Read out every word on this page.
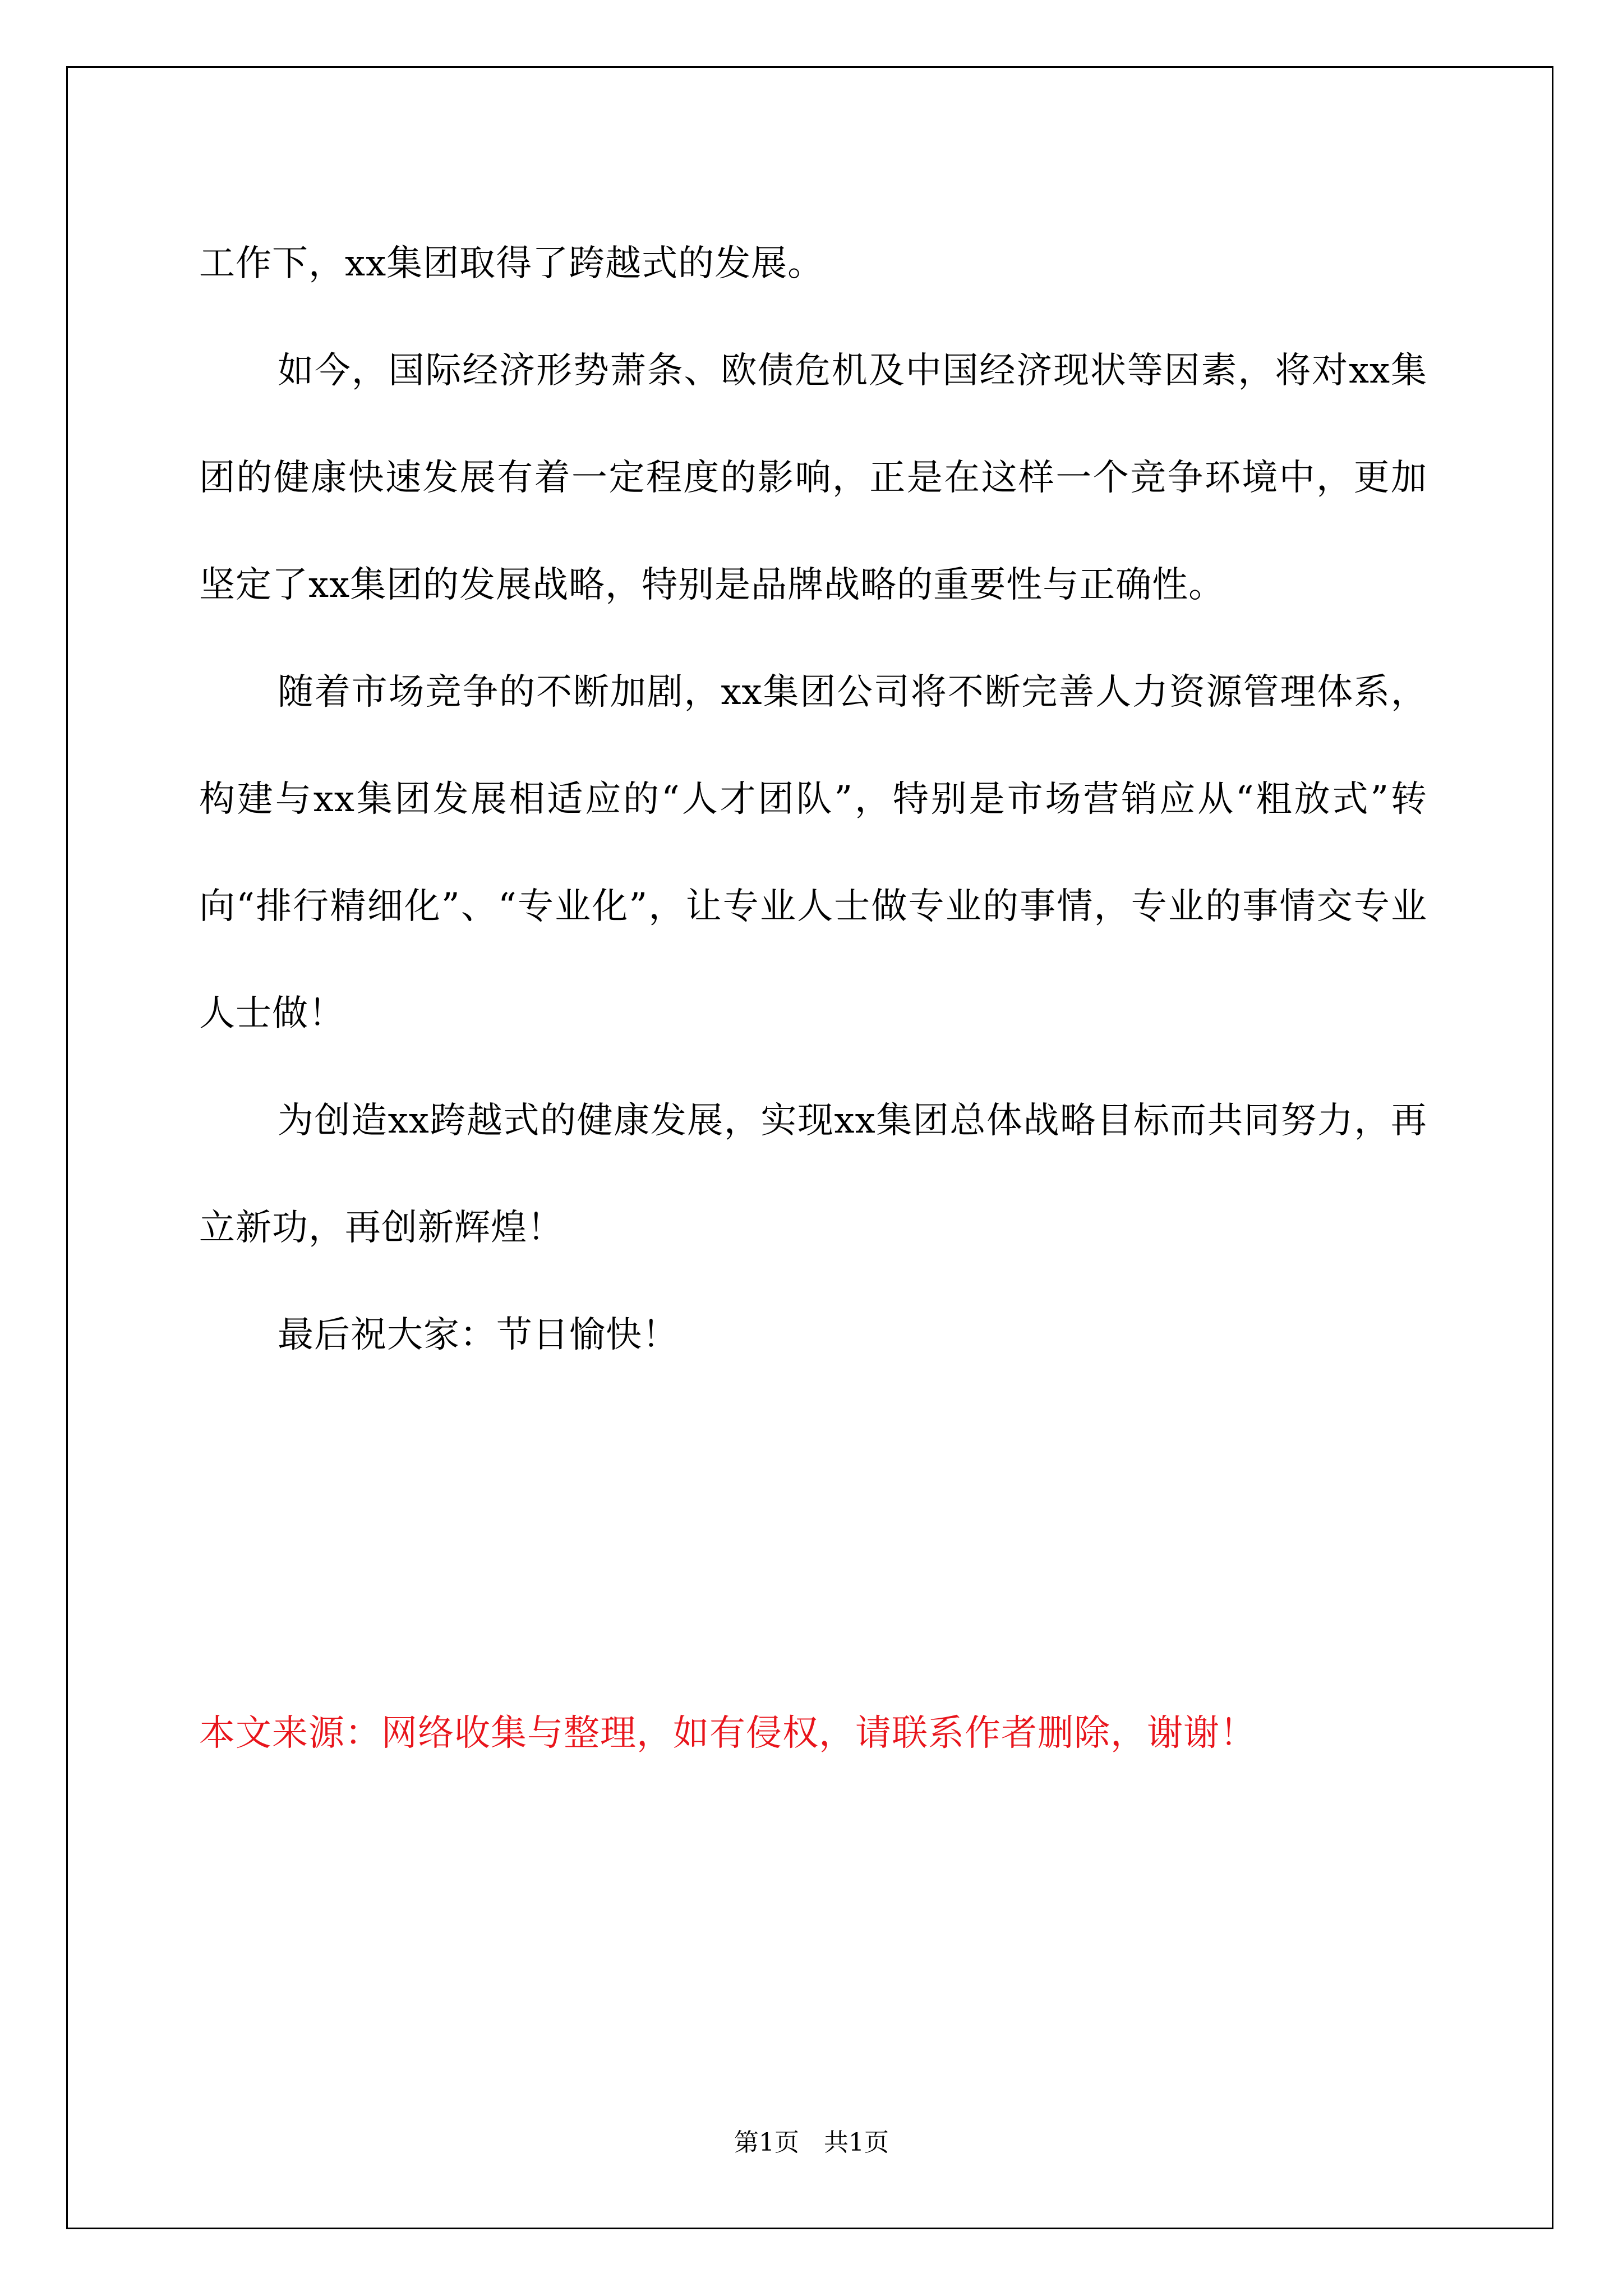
工作下，xx集团取得了跨越式的发展。

如今，国际经济形势萧条、欧债危机及中国经济现状等因素，将对xx集团的健康快速发展有着一定程度的影响，正是在这样一个竞争环境中，更加坚定了xx集团的发展战略，特别是品牌战略的重要性与正确性。

随着市场竞争的不断加剧，xx集团公司将不断完善人力资源管理体系，构建与xx集团发展相适应的“人才团队”，特别是市场营销应从“粗放式”转向“排行精细化”、“专业化”，让专业人士做专业的事情，专业的事情交专业人士做！

为创造xx跨越式的健康发展，实现xx集团总体战略目标而共同努力，再立新功，再创新辉煌！

最后祝大家：节日愉快！

本文来源：网络收集与整理，如有侵权，请联系作者删除，谢谢！
第1页　共1页
